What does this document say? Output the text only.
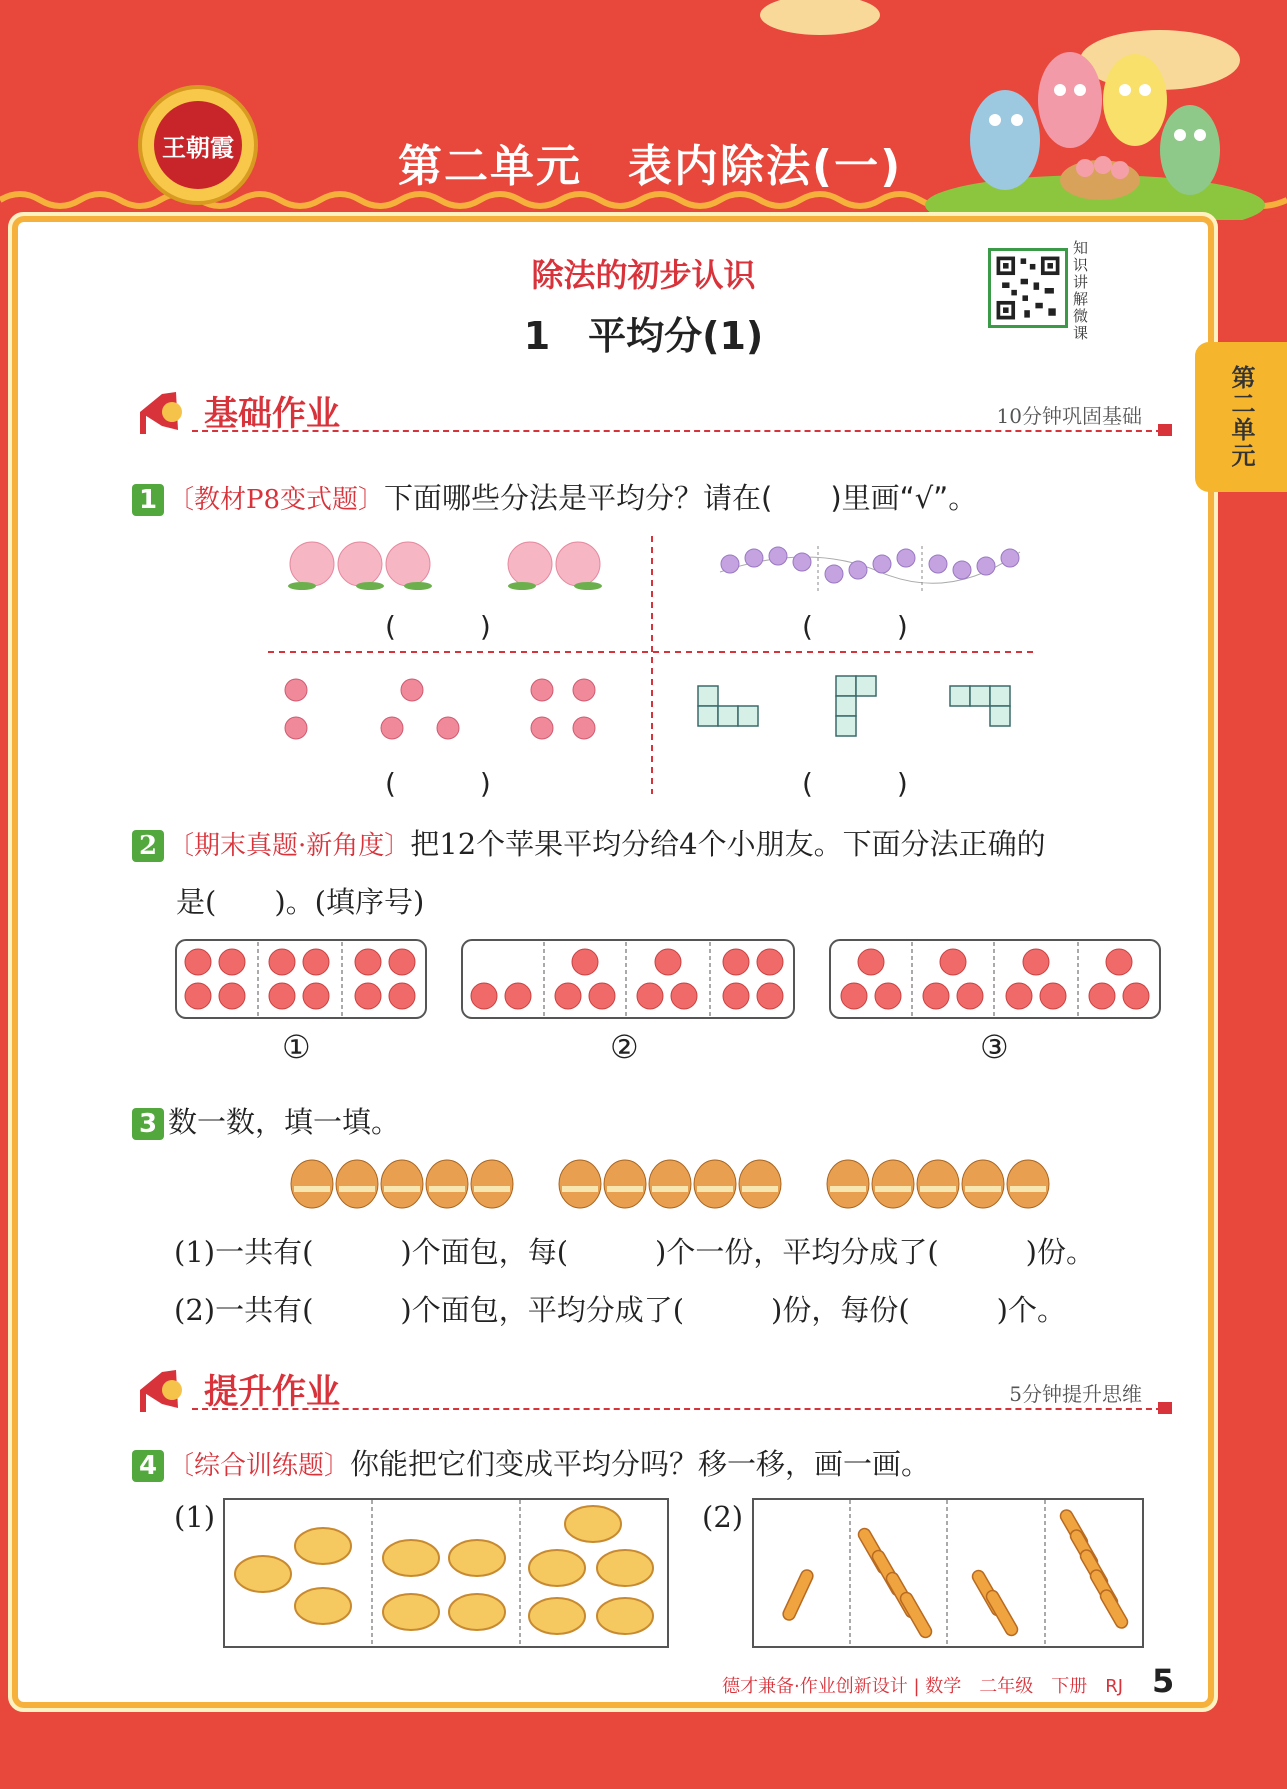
王朝霞	第二单元　表内除法(一)
第二单元
除法的初步认识
1　平均分(1)
知识讲解微课
基础作业	10分钟巩固基础
1 〔教材P8变式题〕下面哪些分法是平均分？请在(　　)里画“√”。
(　　　)	(　　　)
(　　　)	(　　　)
2 〔期末真题·新角度〕把12个苹果平均分给4个小朋友。下面分法正确的
是(　　)。(填序号)
①	②	③
3 数一数，填一填。
(1)一共有(　　　)个面包，每(　　　)个一份，平均分成了(　　　)份。
(2)一共有(　　　)个面包，平均分成了(　　　)份，每份(　　　)个。
提升作业	5分钟提升思维
4 〔综合训练题〕你能把它们变成平均分吗？移一移，画一画。
(1)	(2)
德才兼备·作业创新设计 | 数学　二年级　下册　RJ 5
